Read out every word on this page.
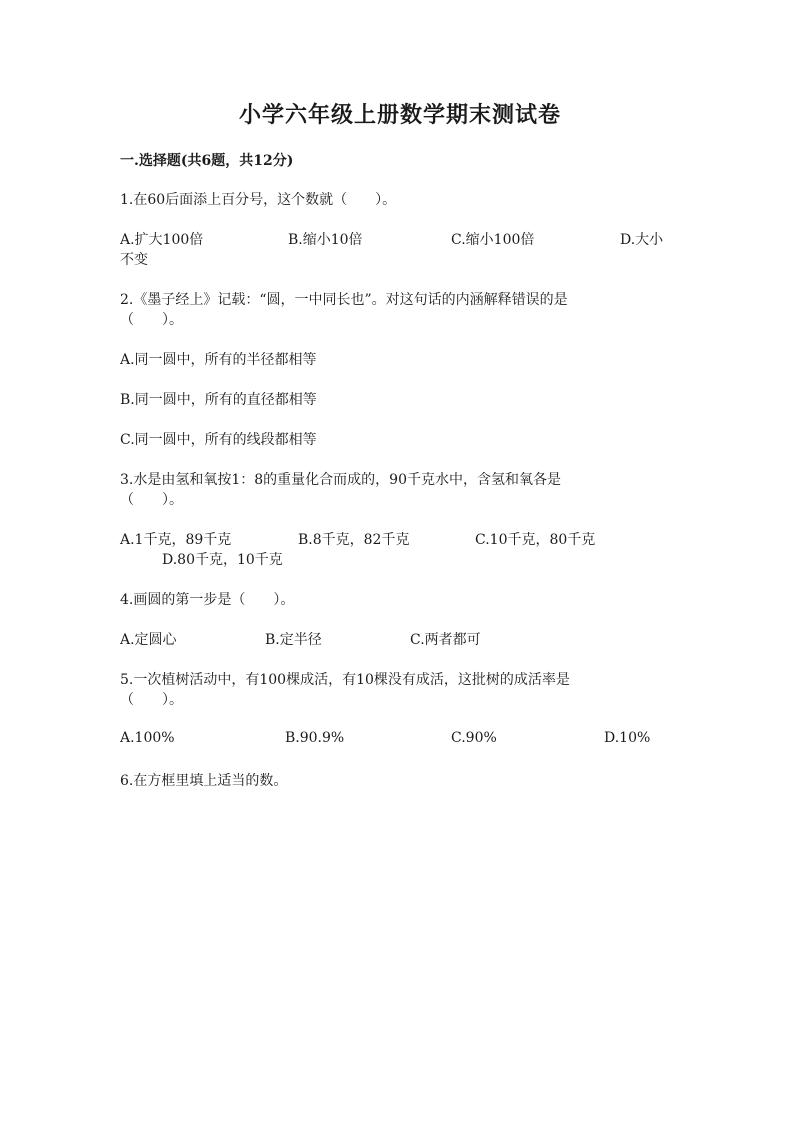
小学六年级上册数学期末测试卷
一.选择题(共6题，共12分)
1.在60后面添上百分号，这个数就（　　）。
A.扩大100倍	B.缩小10倍	C.缩小100倍	D.大小
不变
2.《墨子经上》记载：“圆，一中同长也”。对这句话的内涵解释错误的是
（　　）。
A.同一圆中，所有的半径都相等
B.同一圆中，所有的直径都相等
C.同一圆中，所有的线段都相等
3.水是由氢和氧按1：8的重量化合而成的，90千克水中，含氢和氧各是
（　　）。
A.1千克，89千克	B.8千克，82千克	C.10千克，80千克
D.80千克，10千克
4.画圆的第一步是（　　）。
A.定圆心	B.定半径	C.两者都可
5.一次植树活动中，有100棵成活，有10棵没有成活，这批树的成活率是
（　　）。
A.100%	B.90.9%	C.90%	D.10%
6.在方框里填上适当的数。
